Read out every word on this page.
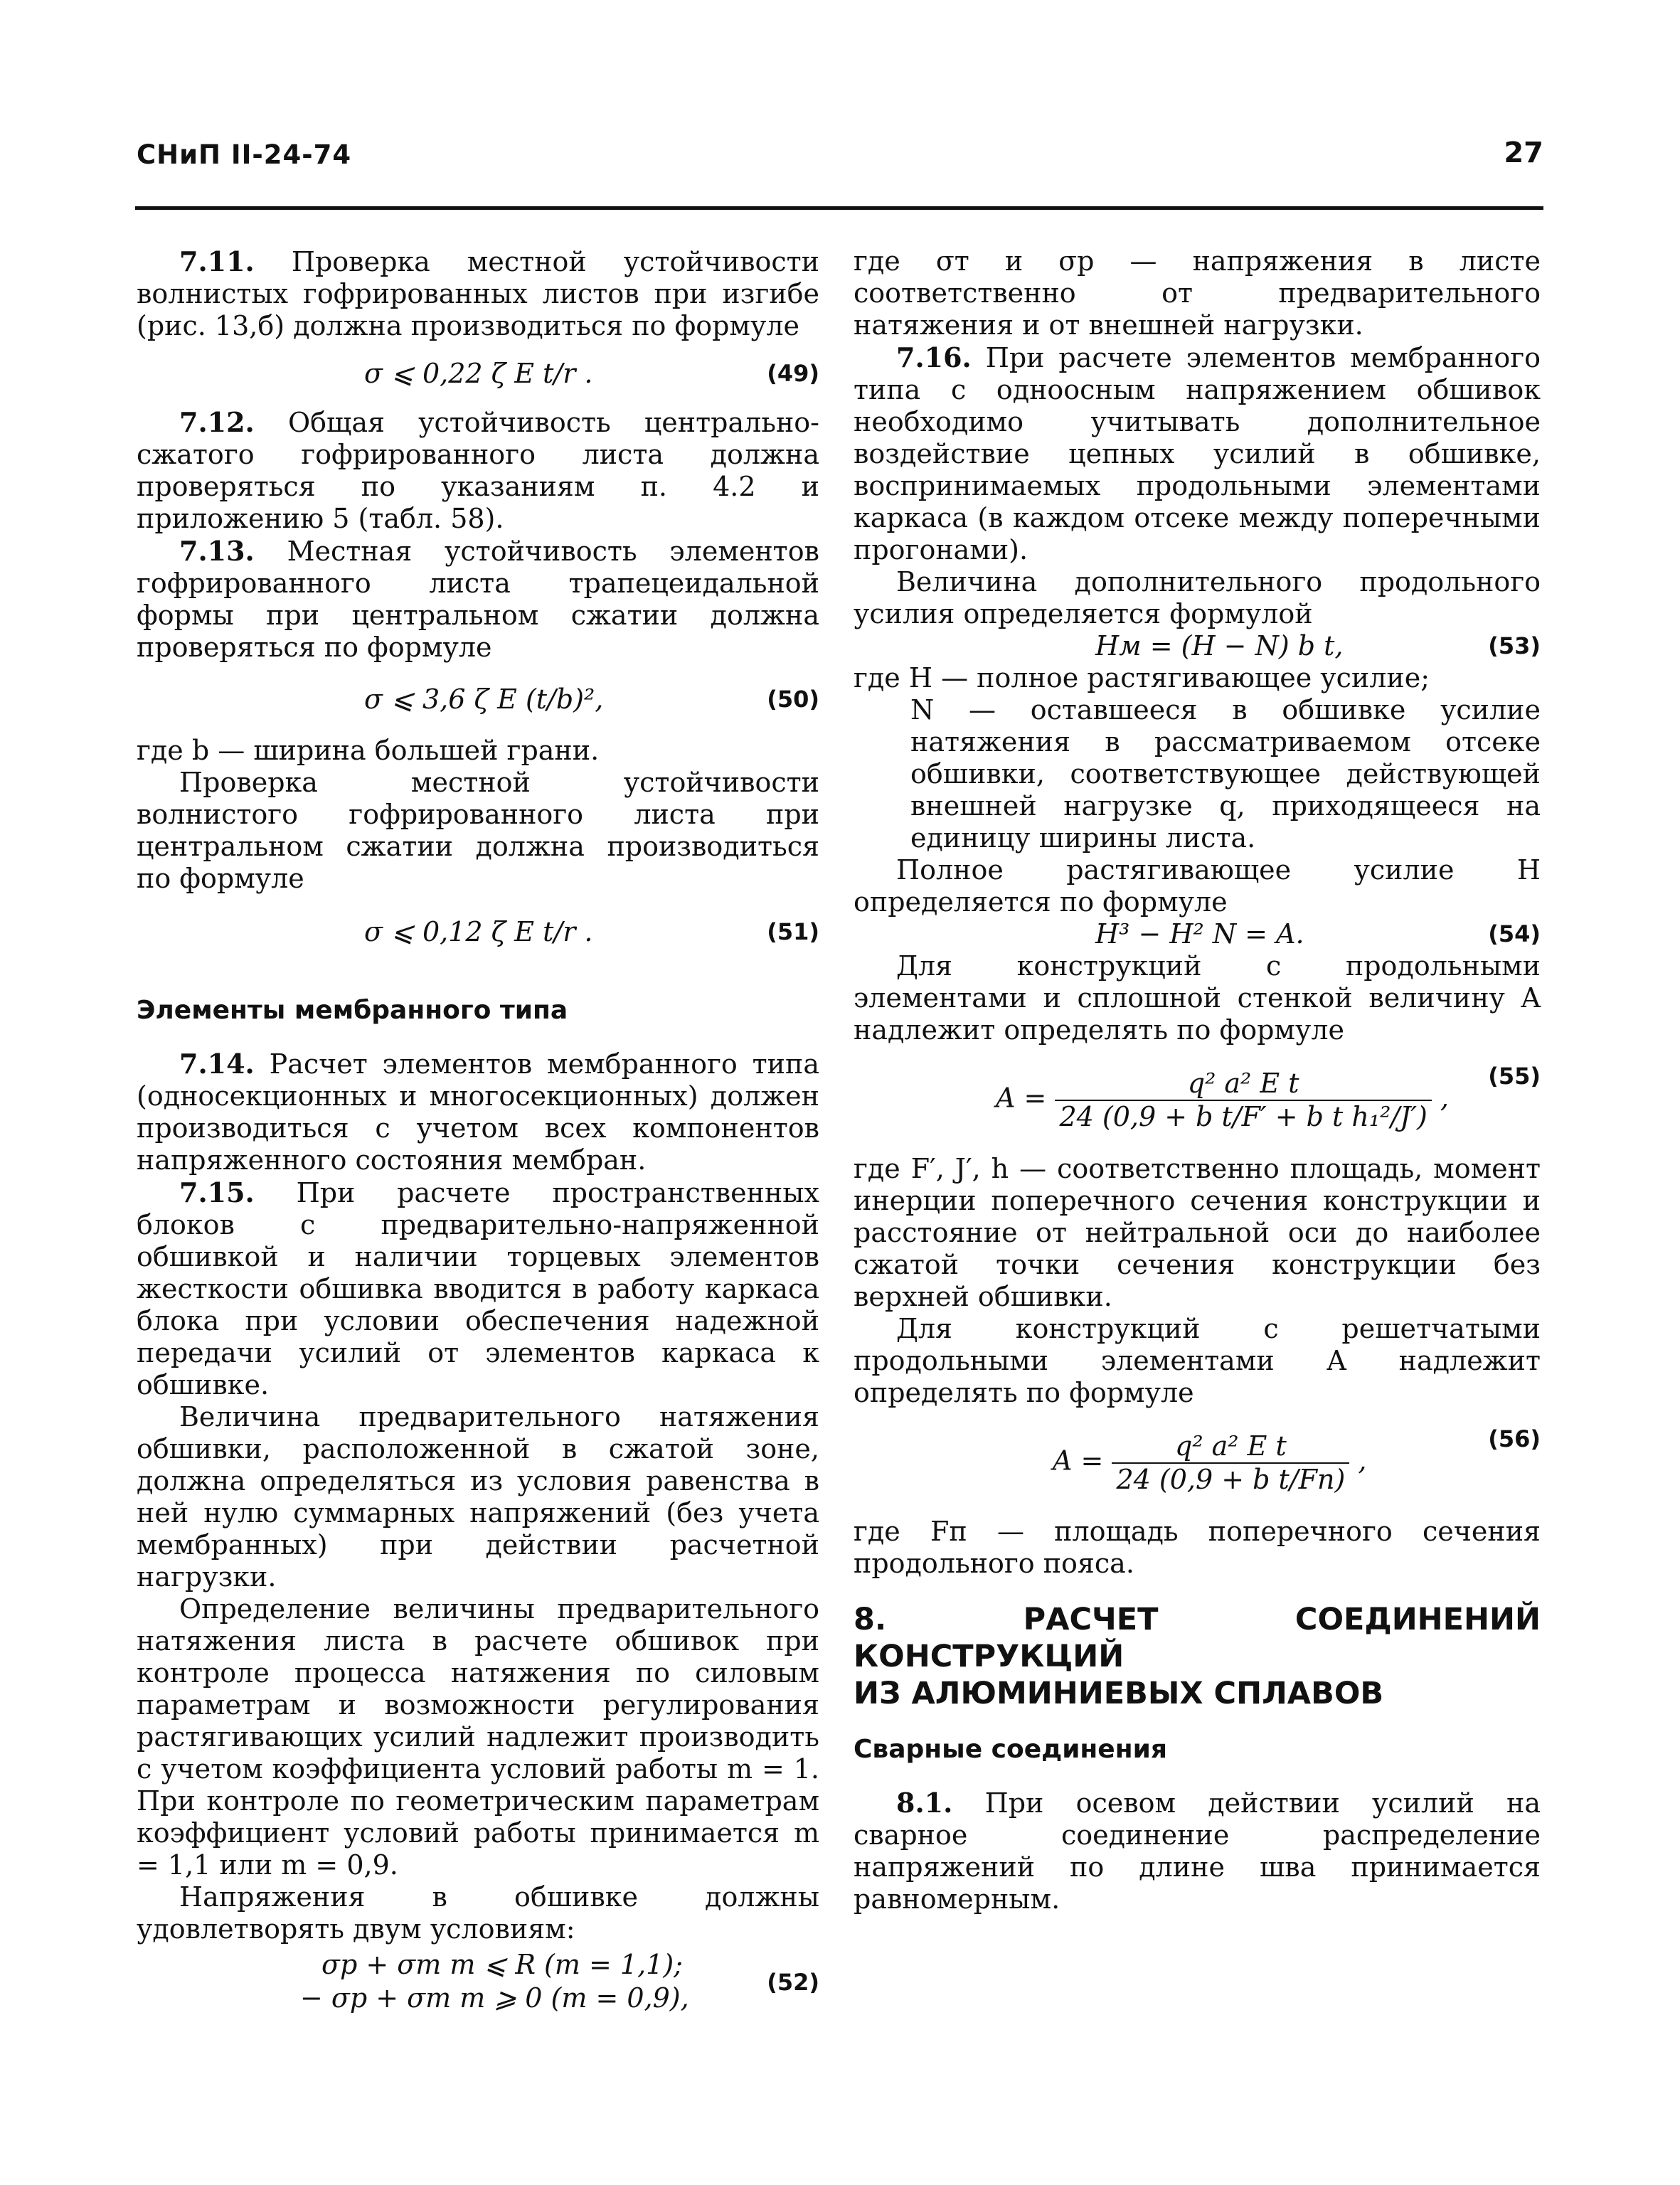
СНиП II-24-74	27

7.11. Проверка местной устойчивости волнистых гофрированных листов при изгибе (рис. 13,б) должна производиться по формуле

σ ⩽ 0,22 ζ E t/r .	(49)

7.12. Общая устойчивость центрально-сжатого гофрированного листа должна проверяться по указаниям п. 4.2 и приложению 5 (табл. 58).

7.13. Местная устойчивость элементов гофрированного листа трапецеидальной формы при центральном сжатии должна проверяться по формуле

σ ⩽ 3,6 ζ E (t/b)²,	(50)

где b — ширина большей грани.

Проверка местной устойчивости волнистого гофрированного листа при центральном сжатии должна производиться по формуле

σ ⩽ 0,12 ζ E t/r .	(51)

Элементы мембранного типа

7.14. Расчет элементов мембранного типа (односекционных и многосекционных) должен производиться с учетом всех компонентов напряженного состояния мембран.

7.15. При расчете пространственных блоков с предварительно-напряженной обшивкой и наличии торцевых элементов жесткости обшивка вводится в работу каркаса блока при условии обеспечения надежной передачи усилий от элементов каркаса к обшивке.

Величина предварительного натяжения обшивки, расположенной в сжатой зоне, должна определяться из условия равенства в ней нулю суммарных напряжений (без учета мембранных) при действии расчетной нагрузки.

Определение величины предварительного натяжения листа в расчете обшивок при контроле процесса натяжения по силовым параметрам и возможности регулирования растягивающих усилий надлежит производить с учетом коэффициента условий работы m = 1. При контроле по геометрическим параметрам коэффициент условий работы принимается m = 1,1 или m = 0,9.

Напряжения в обшивке должны удовлетворять двум условиям:

σр + σт m ⩽ R (m = 1,1);
− σр + σт m ⩾ 0 (m = 0,9),	(52)

где σт и σр — напряжения в листе соответственно от предварительного натяжения и от внешней нагрузки.

7.16. При расчете элементов мембранного типа с одноосным напряжением обшивок необходимо учитывать дополнительное воздействие цепных усилий в обшивке, воспринимаемых продольными элементами каркаса (в каждом отсеке между поперечными прогонами).

Величина дополнительного продольного усилия определяется формулой

Hм = (H − N) b t,	(53)

где H — полное растягивающее усилие;

N — оставшееся в обшивке усилие натяжения в рассматриваемом отсеке обшивки, соответствующее действующей внешней нагрузке q, приходящееся на единицу ширины листа.

Полное растягивающее усилие H определяется по формуле

H³ − H² N = A.	(54)

Для конструкций с продольными элементами и сплошной стенкой величину A надлежит определять по формуле

$A = \frac{\text{q² a² E t}}{\text{24 (0,9 + b t/F′ + b t h₁²/J′)}}$ ,
(55)

где F′, J′, h — соответственно площадь, момент инерции поперечного сечения конструкции и расстояние от нейтральной оси до наиболее сжатой точки сечения конструкции без верхней обшивки.

Для конструкций с решетчатыми продольными элементами A надлежит определять по формуле

$A = \frac{\text{q² a² E t}}{\text{24 (0,9 + b t/Fп)}}$ ,
(56)

где Fп — площадь поперечного сечения продольного пояса.

8. РАСЧЕТ СОЕДИНЕНИЙ КОНСТРУКЦИЙ

ИЗ АЛЮМИНИЕВЫХ СПЛАВОВ

Сварные соединения

8.1. При осевом действии усилий на сварное соединение распределение напряжений по длине шва принимается равномерным.
